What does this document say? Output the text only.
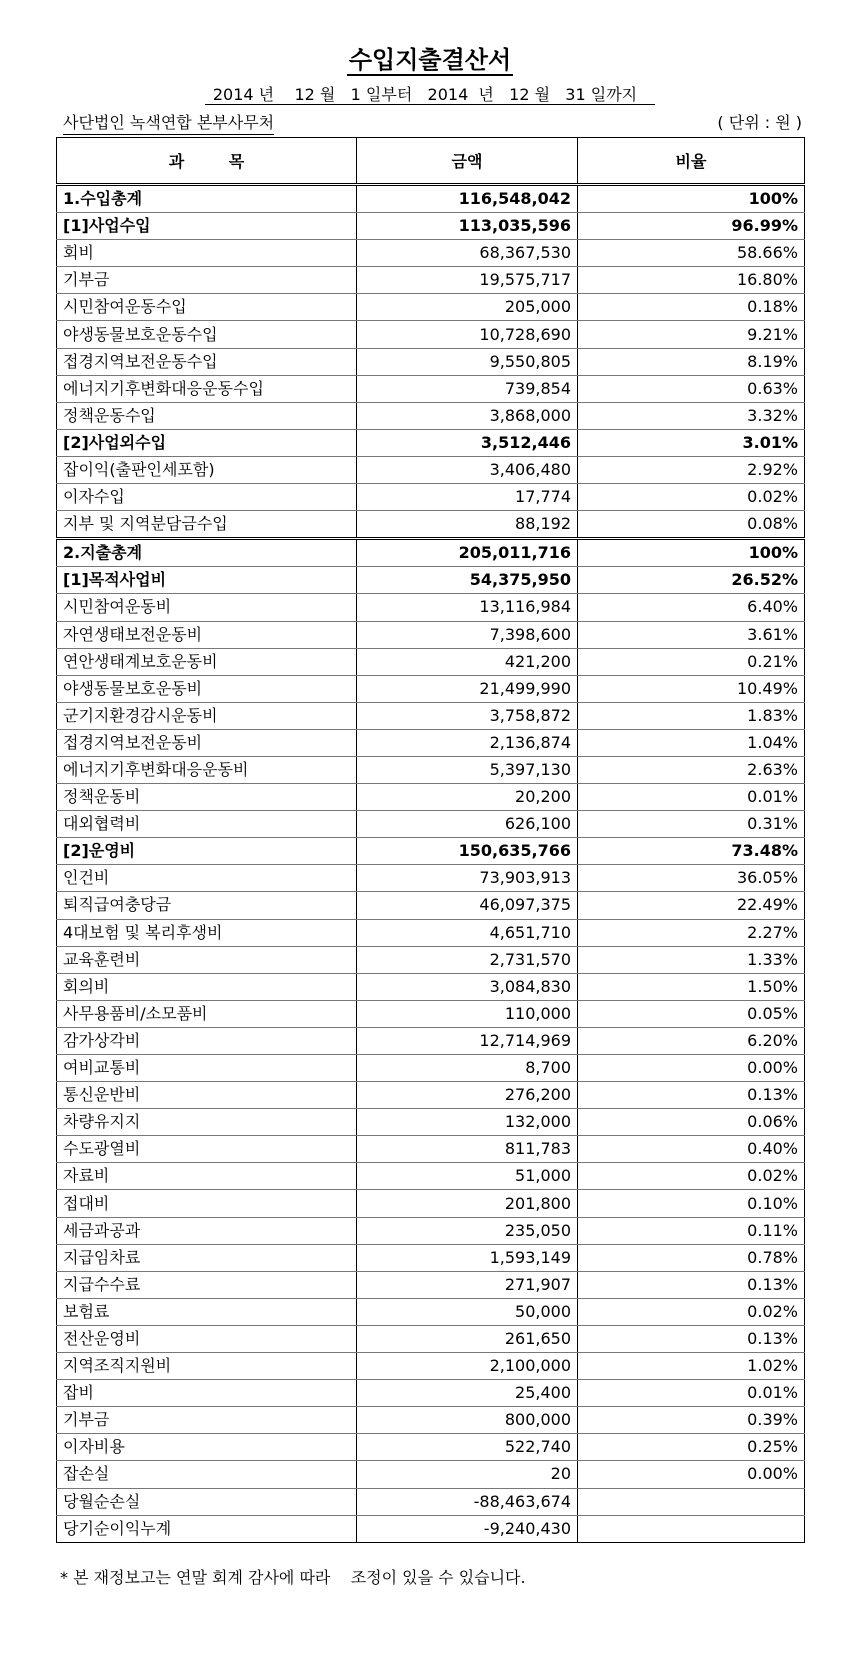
수입지출결산서
2014 년    12 월   1 일부터   2014  년   12 월   31 일까지
사단법인 녹색연합 본부사무처	( 단위 : 원 )
과        목	금액	비율
1.수입총계	116,548,042	100%
[1]사업수입	113,035,596	96.99%
회비	68,367,530	58.66%
기부금	19,575,717	16.80%
시민참여운동수입	205,000	0.18%
야생동물보호운동수입	10,728,690	9.21%
접경지역보전운동수입	9,550,805	8.19%
에너지기후변화대응운동수입	739,854	0.63%
정책운동수입	3,868,000	3.32%
[2]사업외수입	3,512,446	3.01%
잡이익(출판인세포함)	3,406,480	2.92%
이자수입	17,774	0.02%
지부 및 지역분담금수입	88,192	0.08%
2.지출총계	205,011,716	100%
[1]목적사업비	54,375,950	26.52%
시민참여운동비	13,116,984	6.40%
자연생태보전운동비	7,398,600	3.61%
연안생태계보호운동비	421,200	0.21%
야생동물보호운동비	21,499,990	10.49%
군기지환경감시운동비	3,758,872	1.83%
접경지역보전운동비	2,136,874	1.04%
에너지기후변화대응운동비	5,397,130	2.63%
정책운동비	20,200	0.01%
대외협력비	626,100	0.31%
[2]운영비	150,635,766	73.48%
인건비	73,903,913	36.05%
퇴직급여충당금	46,097,375	22.49%
4대보험 및 복리후생비	4,651,710	2.27%
교육훈련비	2,731,570	1.33%
회의비	3,084,830	1.50%
사무용품비/소모품비	110,000	0.05%
감가상각비	12,714,969	6.20%
여비교통비	8,700	0.00%
통신운반비	276,200	0.13%
차량유지지	132,000	0.06%
수도광열비	811,783	0.40%
자료비	51,000	0.02%
접대비	201,800	0.10%
세금과공과	235,050	0.11%
지급임차료	1,593,149	0.78%
지급수수료	271,907	0.13%
보험료	50,000	0.02%
전산운영비	261,650	0.13%
지역조직지원비	2,100,000	1.02%
잡비	25,400	0.01%
기부금	800,000	0.39%
이자비용	522,740	0.25%
잡손실	20	0.00%
당월순손실	-88,463,674	
당기순이익누계	-9,240,430	
* 본 재정보고는 연말 회계 감사에 따라    조정이 있을 수 있습니다.
